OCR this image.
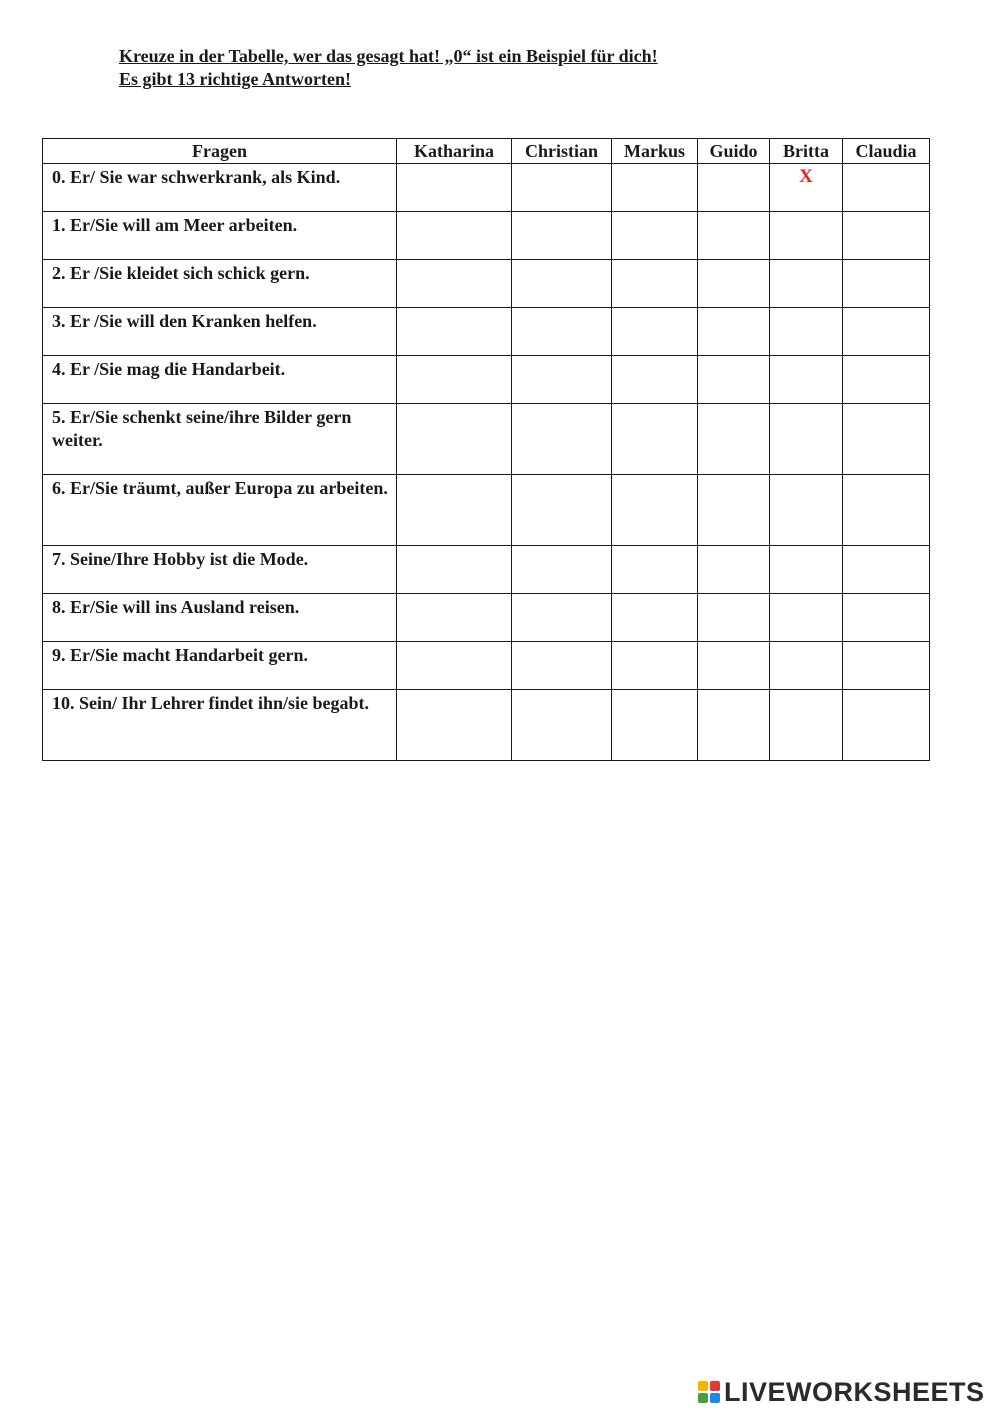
Kreuze in der Tabelle, wer das gesagt hat! „0“ ist ein Beispiel für dich!
Es gibt 13 richtige Antworten!
Fragen	Katharina	Christian	Markus	Guido	Britta	Claudia
0. Er/ Sie war schwerkrank, als Kind.					X	
1. Er/Sie will am Meer arbeiten.						
2. Er /Sie kleidet sich schick gern.						
3. Er /Sie will den Kranken helfen.						
4. Er /Sie mag die Handarbeit.						
5. Er/Sie schenkt seine/ihre Bilder gern weiter.						
6. Er/Sie träumt, außer Europa zu arbeiten.						
7. Seine/Ihre Hobby ist die Mode.						
8. Er/Sie will ins Ausland reisen.						
9. Er/Sie macht Handarbeit gern.						
10. Sein/ Ihr Lehrer findet ihn/sie begabt.						
LIVEWORKSHEETS
